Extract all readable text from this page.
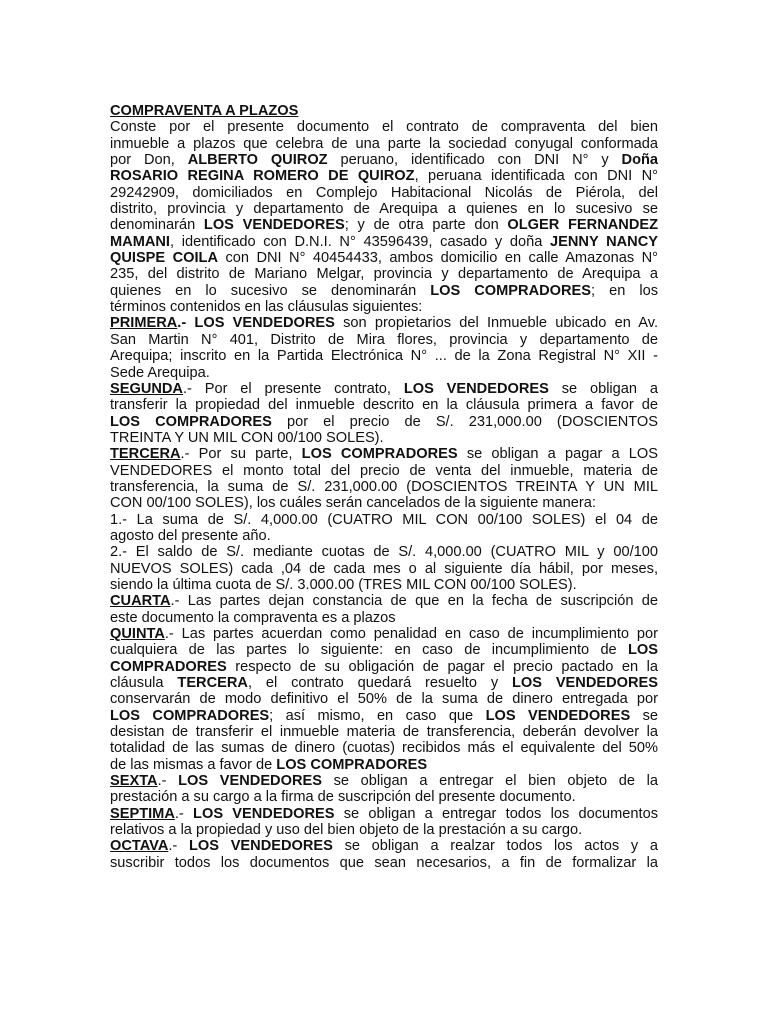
COMPRAVENTA A PLAZOS
Conste por el presente documento el contrato de compraventa del bien
inmueble a plazos que celebra de una parte la sociedad conyugal conformada
por Don, ALBERTO QUIROZ peruano, identificado con DNI N° y Doña
ROSARIO REGINA ROMERO DE QUIROZ, peruana identificada con DNI N°
29242909, domiciliados en Complejo Habitacional Nicolás de Piérola, del
distrito, provincia y departamento de Arequipa a quienes en lo sucesivo se
denominarán LOS VENDEDORES; y de otra parte don OLGER FERNANDEZ
MAMANI, identificado con D.N.I. N° 43596439, casado y doña JENNY NANCY
QUISPE COILA con DNI N° 40454433, ambos domicilio en calle Amazonas N°
235, del distrito de Mariano Melgar, provincia y departamento de Arequipa a
quienes en lo sucesivo se denominarán LOS COMPRADORES; en los
términos contenidos en las cláusulas siguientes:
PRIMERA.- LOS VENDEDORES son propietarios del Inmueble ubicado en Av.
San Martin N° 401, Distrito de Mira flores, provincia y departamento de
Arequipa; inscrito en la Partida Electrónica N° ... de la Zona Registral N° XII -
Sede Arequipa.
SEGUNDA.- Por el presente contrato, LOS VENDEDORES se obligan a
transferir la propiedad del inmueble descrito en la cláusula primera a favor de
LOS COMPRADORES por el precio de S/. 231,000.00 (DOSCIENTOS
TREINTA Y UN MIL CON 00/100 SOLES).
TERCERA.- Por su parte, LOS COMPRADORES se obligan a pagar a LOS
VENDEDORES el monto total del precio de venta del inmueble, materia de
transferencia, la suma de S/. 231,000.00 (DOSCIENTOS TREINTA Y UN MIL
CON 00/100 SOLES), los cuáles serán cancelados de la siguiente manera:
1.- La suma de S/. 4,000.00 (CUATRO MIL CON 00/100 SOLES) el 04 de
agosto del presente año.
2.- El saldo de S/. mediante cuotas de S/. 4,000.00 (CUATRO MIL y 00/100
NUEVOS SOLES) cada ,04 de cada mes o al siguiente día hábil, por meses,
siendo la última cuota de S/. 3.000.00 (TRES MIL CON 00/100 SOLES).
CUARTA.- Las partes dejan constancia de que en la fecha de suscripción de
este documento la compraventa es a plazos
QUINTA.- Las partes acuerdan como penalidad en caso de incumplimiento por
cualquiera de las partes lo siguiente: en caso de incumplimiento de LOS
COMPRADORES respecto de su obligación de pagar el precio pactado en la
cláusula TERCERA, el contrato quedará resuelto y LOS VENDEDORES
conservarán de modo definitivo el 50% de la suma de dinero entregada por
LOS COMPRADORES; así mismo, en caso que LOS VENDEDORES se
desistan de transferir el inmueble materia de transferencia, deberán devolver la
totalidad de las sumas de dinero (cuotas) recibidos más el equivalente del 50%
de las mismas a favor de LOS COMPRADORES
SEXTA.- LOS VENDEDORES se obligan a entregar el bien objeto de la
prestación a su cargo a la firma de suscripción del presente documento.
SEPTIMA.- LOS VENDEDORES se obligan a entregar todos los documentos
relativos a la propiedad y uso del bien objeto de la prestación a su cargo.
OCTAVA.- LOS VENDEDORES se obligan a realzar todos los actos y a
suscribir todos los documentos que sean necesarios, a fin de formalizar la
